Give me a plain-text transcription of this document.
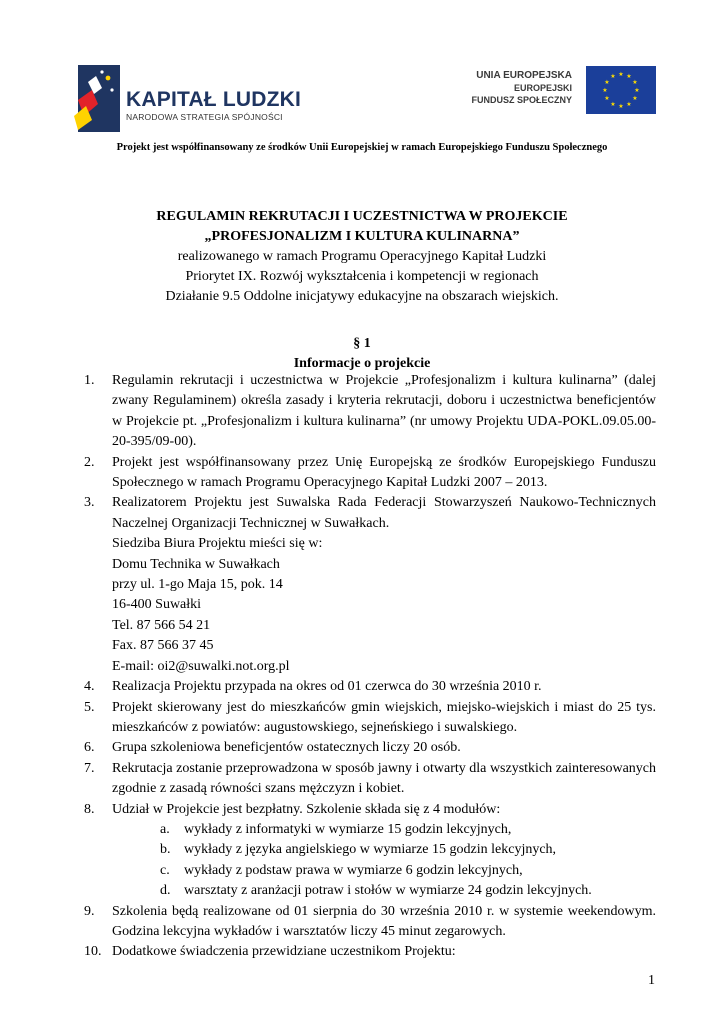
KAPITAŁ LUDZKI
NARODOWA STRATEGIA SPÓJNOŚCI
UNIA EUROPEJSKA
EUROPEJSKI
FUNDUSZ SPOŁECZNY
★ ★
★
★
★
★
★
★
★
★
★
★
Projekt jest współfinansowany ze środków Unii Europejskiej w ramach Europejskiego Funduszu Społecznego
REGULAMIN REKRUTACJI I UCZESTNICTWA W PROJEKCIE
„PROFESJONALIZM I KULTURA KULINARNA”
realizowanego w ramach Programu Operacyjnego Kapitał Ludzki
Priorytet IX. Rozwój wykształcenia i kompetencji w regionach
Działanie 9.5 Oddolne inicjatywy edukacyjne na obszarach wiejskich.
§ 1
Informacje o projekcie
1.	Regulamin rekrutacji i uczestnictwa w Projekcie „Profesjonalizm i kultura kulinarna” (dalej zwany Regulaminem) określa zasady i kryteria rekrutacji, doboru i uczestnictwa beneficjentów w Projekcie pt. „Profesjonalizm i kultura kulinarna” (nr umowy Projektu UDA-POKL.09.05.00-20-395/09-00).
2.	Projekt jest współfinansowany przez Unię Europejską ze środków Europejskiego Funduszu Społecznego w ramach Programu Operacyjnego Kapitał Ludzki 2007 – 2013.
3.	Realizatorem Projektu jest Suwalska Rada Federacji Stowarzyszeń Naukowo-Technicznych Naczelnej Organizacji Technicznej w Suwałkach.
Siedziba Biura Projektu mieści się w:
Domu Technika w Suwałkach
przy ul. 1-go Maja 15, pok. 14
16-400 Suwałki
Tel. 87 566 54 21
Fax. 87 566 37 45
E-mail: oi2@suwalki.not.org.pl
4.	Realizacja Projektu przypada na okres od 01 czerwca do 30 września 2010 r.
5.	Projekt skierowany jest do mieszkańców gmin wiejskich, miejsko-wiejskich i miast do 25 tys. mieszkańców z powiatów: augustowskiego, sejneńskiego i suwalskiego.
6.	Grupa szkoleniowa beneficjentów ostatecznych liczy 20 osób.
7.	Rekrutacja zostanie przeprowadzona w sposób jawny i otwarty dla wszystkich zainteresowanych zgodnie z zasadą równości szans mężczyzn i kobiet.
8.	Udział w Projekcie jest bezpłatny. Szkolenie składa się z 4 modułów:
a.	wykłady z informatyki w wymiarze 15 godzin lekcyjnych,
b. wykłady z języka angielskiego w wymiarze 15 godzin lekcyjnych,
c.	wykłady z podstaw prawa w wymiarze 6 godzin lekcyjnych,
d. warsztaty z aranżacji potraw i stołów w wymiarze 24 godzin lekcyjnych.
9.	Szkolenia będą realizowane od 01 sierpnia do 30 września 2010 r. w systemie weekendowym. Godzina lekcyjna wykładów i warsztatów liczy 45 minut zegarowych.
10. Dodatkowe świadczenia przewidziane uczestnikom Projektu:
1
